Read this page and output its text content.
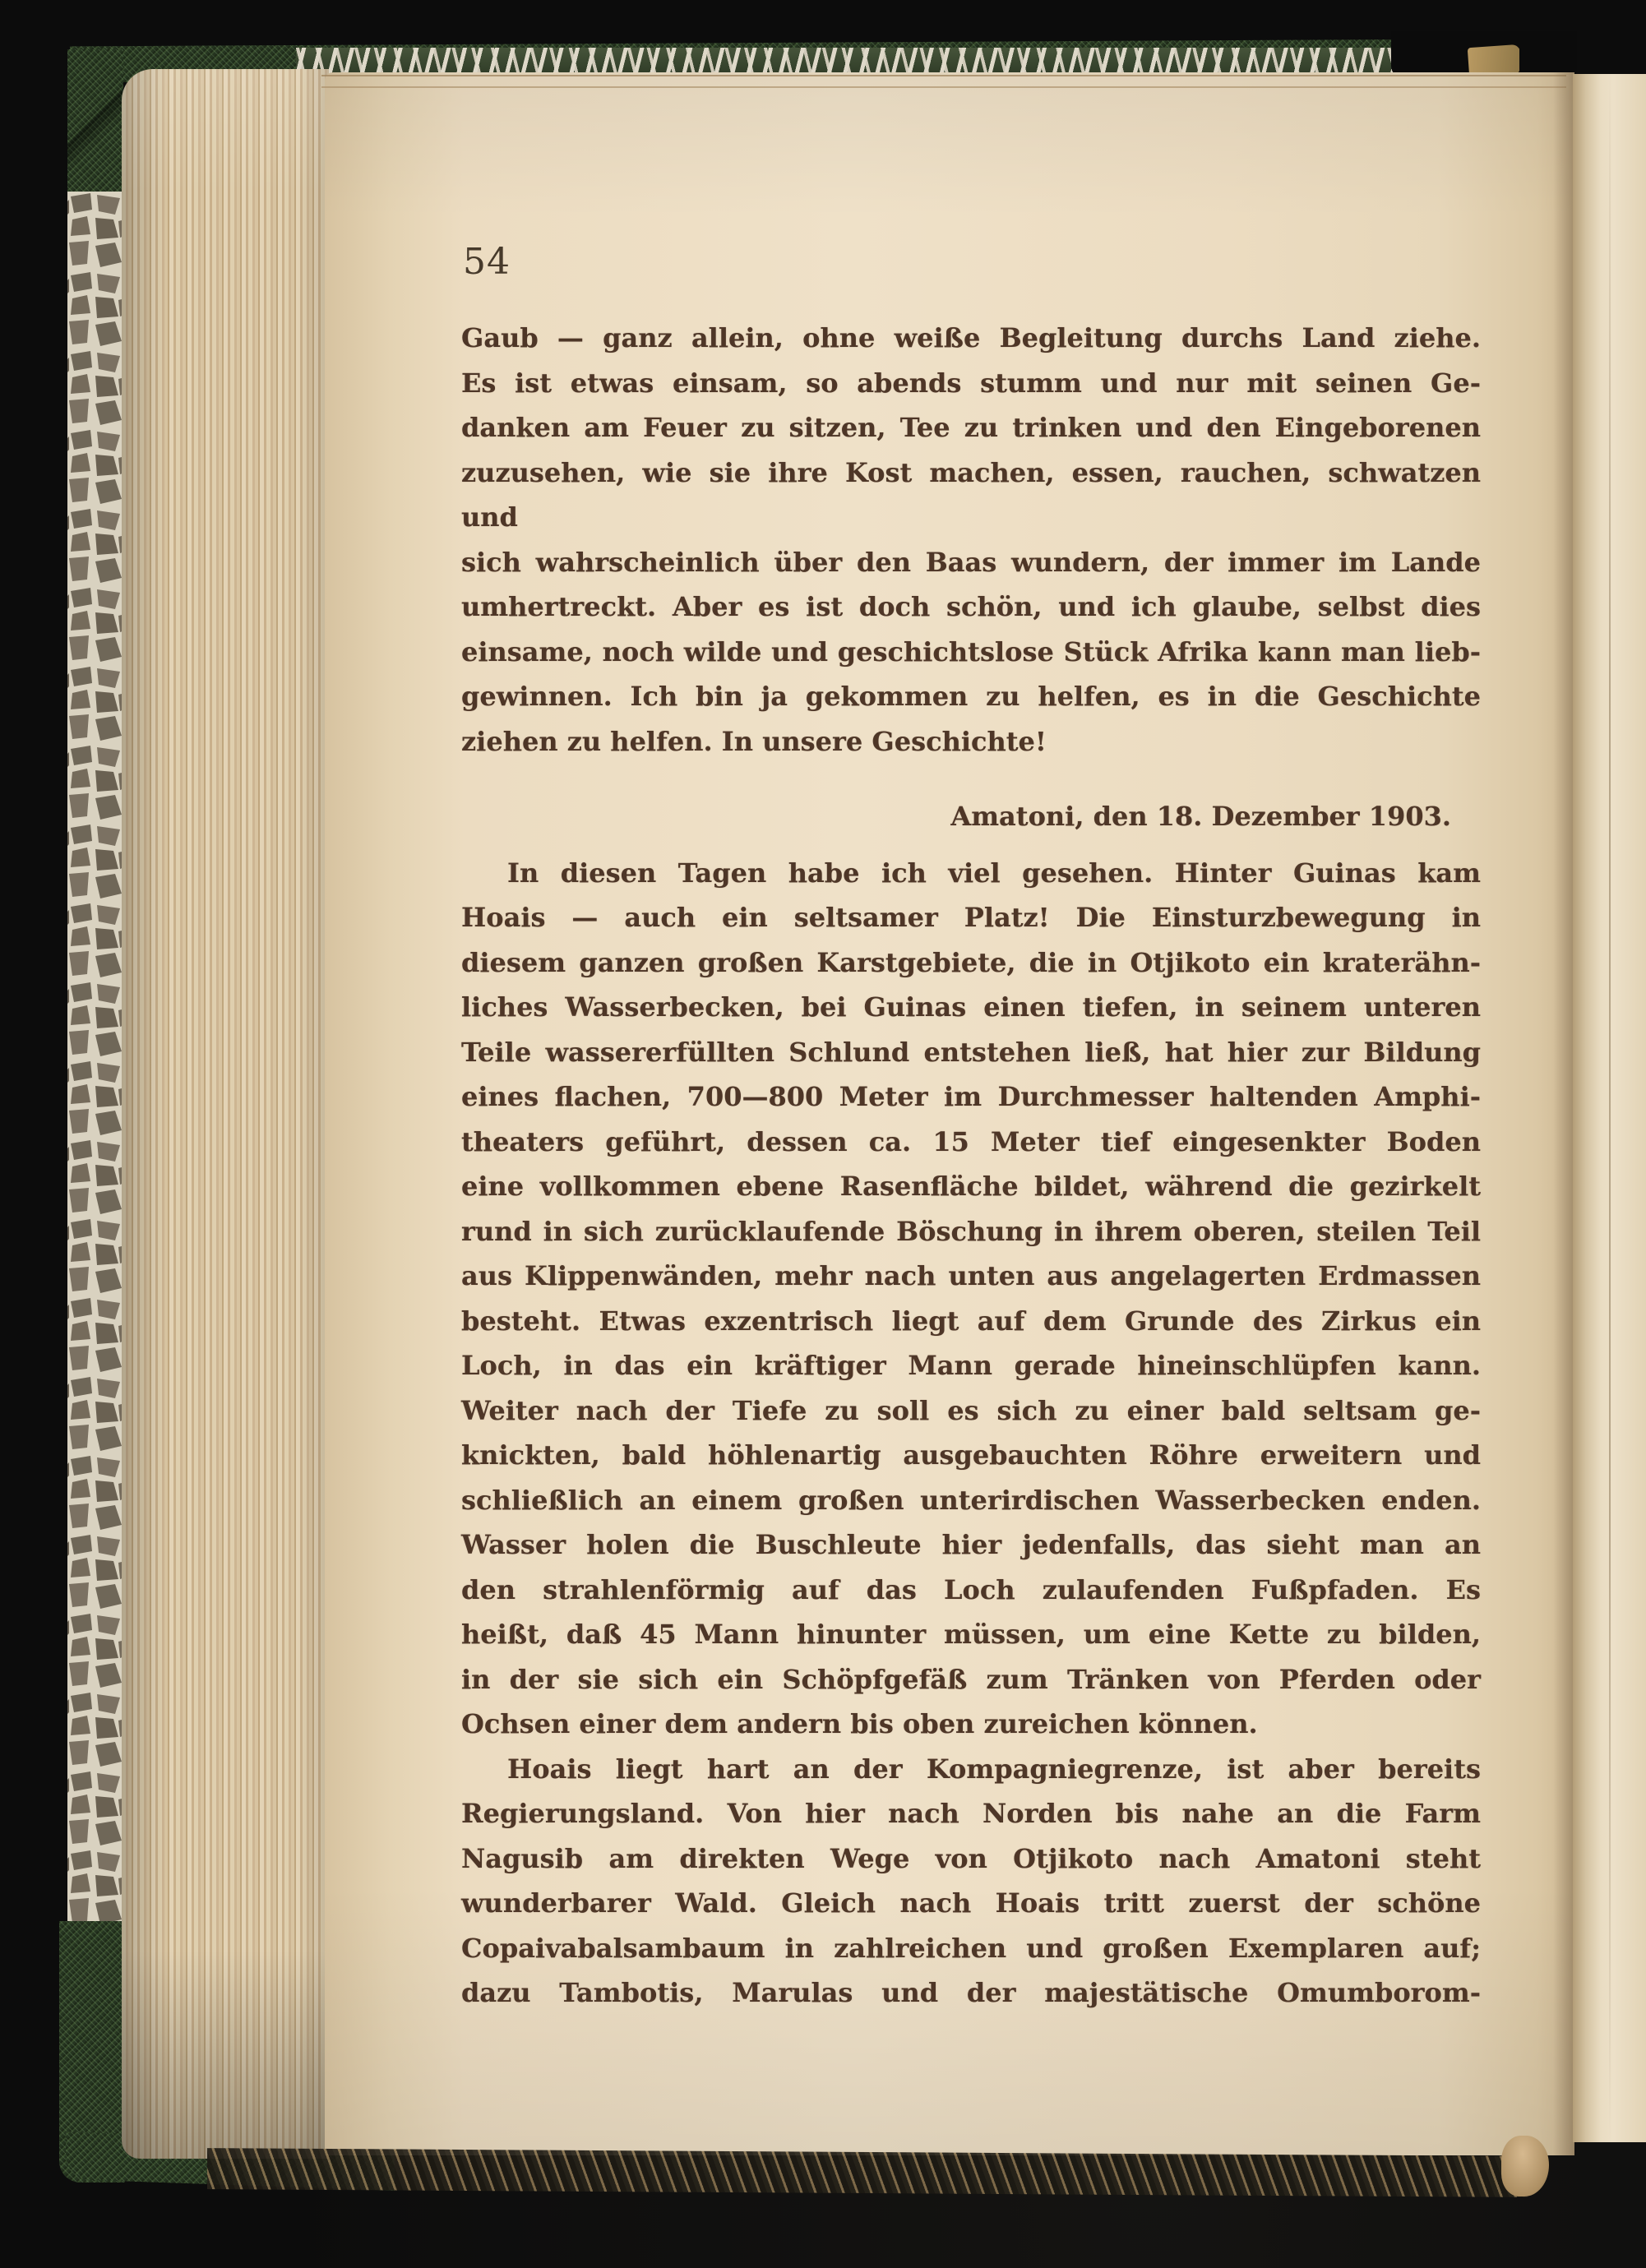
54
Gaub — ganz allein, ohne weiße Begleitung durchs Land ziehe.
Es ist etwas einsam, so abends stumm und nur mit seinen Ge-
danken am Feuer zu sitzen, Tee zu trinken und den Eingeborenen
zuzusehen, wie sie ihre Kost machen, essen, rauchen, schwatzen und
sich wahrscheinlich über den Baas wundern, der immer im Lande
umhertreckt. Aber es ist doch schön, und ich glaube, selbst dies
einsame, noch wilde und geschichtslose Stück Afrika kann man lieb-
gewinnen. Ich bin ja gekommen zu helfen, es in die Geschichte
ziehen zu helfen. In unsere Geschichte!
Amatoni, den 18. Dezember 1903.
In diesen Tagen habe ich viel gesehen. Hinter Guinas kam
Hoais — auch ein seltsamer Platz! Die Einsturzbewegung in
diesem ganzen großen Karstgebiete, die in Otjikoto ein kraterähn-
liches Wasserbecken, bei Guinas einen tiefen, in seinem unteren
Teile wassererfüllten Schlund entstehen ließ, hat hier zur Bildung
eines flachen, 700—800 Meter im Durchmesser haltenden Amphi-
theaters geführt, dessen ca. 15 Meter tief eingesenkter Boden
eine vollkommen ebene Rasenfläche bildet, während die gezirkelt
rund in sich zurücklaufende Böschung in ihrem oberen, steilen Teil
aus Klippenwänden, mehr nach unten aus angelagerten Erdmassen
besteht. Etwas exzentrisch liegt auf dem Grunde des Zirkus ein
Loch, in das ein kräftiger Mann gerade hineinschlüpfen kann.
Weiter nach der Tiefe zu soll es sich zu einer bald seltsam ge-
knickten, bald höhlenartig ausgebauchten Röhre erweitern und
schließlich an einem großen unterirdischen Wasserbecken enden.
Wasser holen die Buschleute hier jedenfalls, das sieht man an
den strahlenförmig auf das Loch zulaufenden Fußpfaden. Es
heißt, daß 45 Mann hinunter müssen, um eine Kette zu bilden,
in der sie sich ein Schöpfgefäß zum Tränken von Pferden oder
Ochsen einer dem andern bis oben zureichen können.
Hoais liegt hart an der Kompagniegrenze, ist aber bereits
Regierungsland. Von hier nach Norden bis nahe an die Farm
Nagusib am direkten Wege von Otjikoto nach Amatoni steht
wunderbarer Wald. Gleich nach Hoais tritt zuerst der schöne
Copaivabalsambaum in zahlreichen und großen Exemplaren auf;
dazu Tambotis, Marulas und der majestätische Omumborom-
